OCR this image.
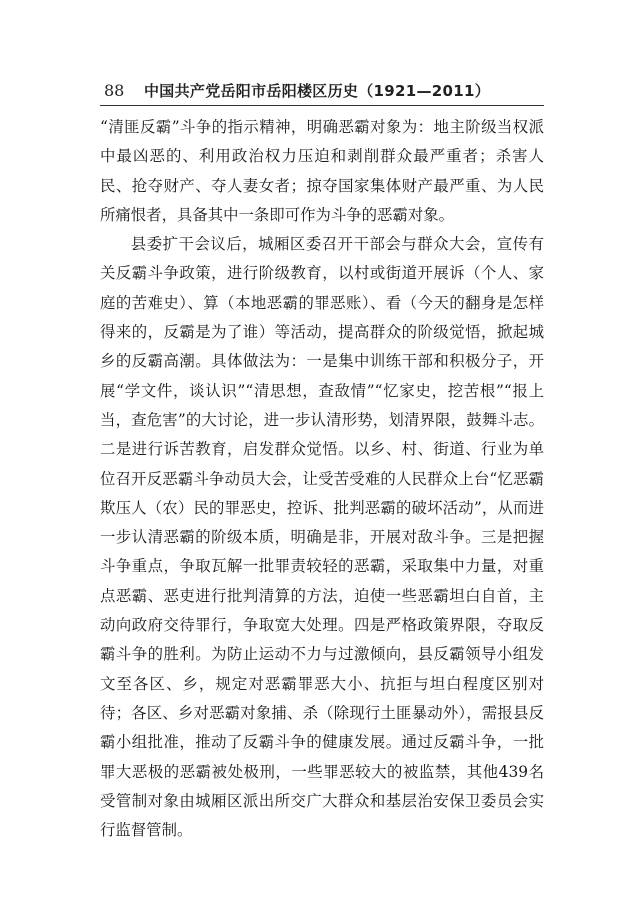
88	中国共产党岳阳市岳阳楼区历史（1921—2011）

“清匪反霸”斗争的指示精神，明确恶霸对象为：地主阶级当权派中最凶恶的、利用政治权力压迫和剥削群众最严重者；杀害人民、抢夺财产、夺人妻女者；掠夺国家集体财产最严重、为人民所痛恨者，具备其中一条即可作为斗争的恶霸对象。

县委扩干会议后，城厢区委召开干部会与群众大会，宣传有关反霸斗争政策，进行阶级教育，以村或街道开展诉（个人、家庭的苦难史）、算（本地恶霸的罪恶账）、看（今天的翻身是怎样得来的，反霸是为了谁）等活动，提高群众的阶级觉悟，掀起城乡的反霸高潮。具体做法为：一是集中训练干部和积极分子，开展“学文件，谈认识”“清思想，查敌情”“忆家史，挖苦根”“报上当，查危害”的大讨论，进一步认清形势，划清界限，鼓舞斗志。二是进行诉苦教育，启发群众觉悟。以乡、村、街道、行业为单位召开反恶霸斗争动员大会，让受苦受难的人民群众上台“忆恶霸欺压人（农）民的罪恶史，控诉、批判恶霸的破坏活动”，从而进一步认清恶霸的阶级本质，明确是非，开展对敌斗争。三是把握斗争重点，争取瓦解一批罪责较轻的恶霸，采取集中力量，对重点恶霸、恶吏进行批判清算的方法，迫使一些恶霸坦白自首，主动向政府交待罪行，争取宽大处理。四是严格政策界限，夺取反霸斗争的胜利。为防止运动不力与过激倾向，县反霸领导小组发文至各区、乡，规定对恶霸罪恶大小、抗拒与坦白程度区别对待；各区、乡对恶霸对象捕、杀（除现行土匪暴动外），需报县反霸小组批准，推动了反霸斗争的健康发展。通过反霸斗争，一批罪大恶极的恶霸被处极刑，一些罪恶较大的被监禁，其他439名受管制对象由城厢区派出所交广大群众和基层治安保卫委员会实行监督管制。
